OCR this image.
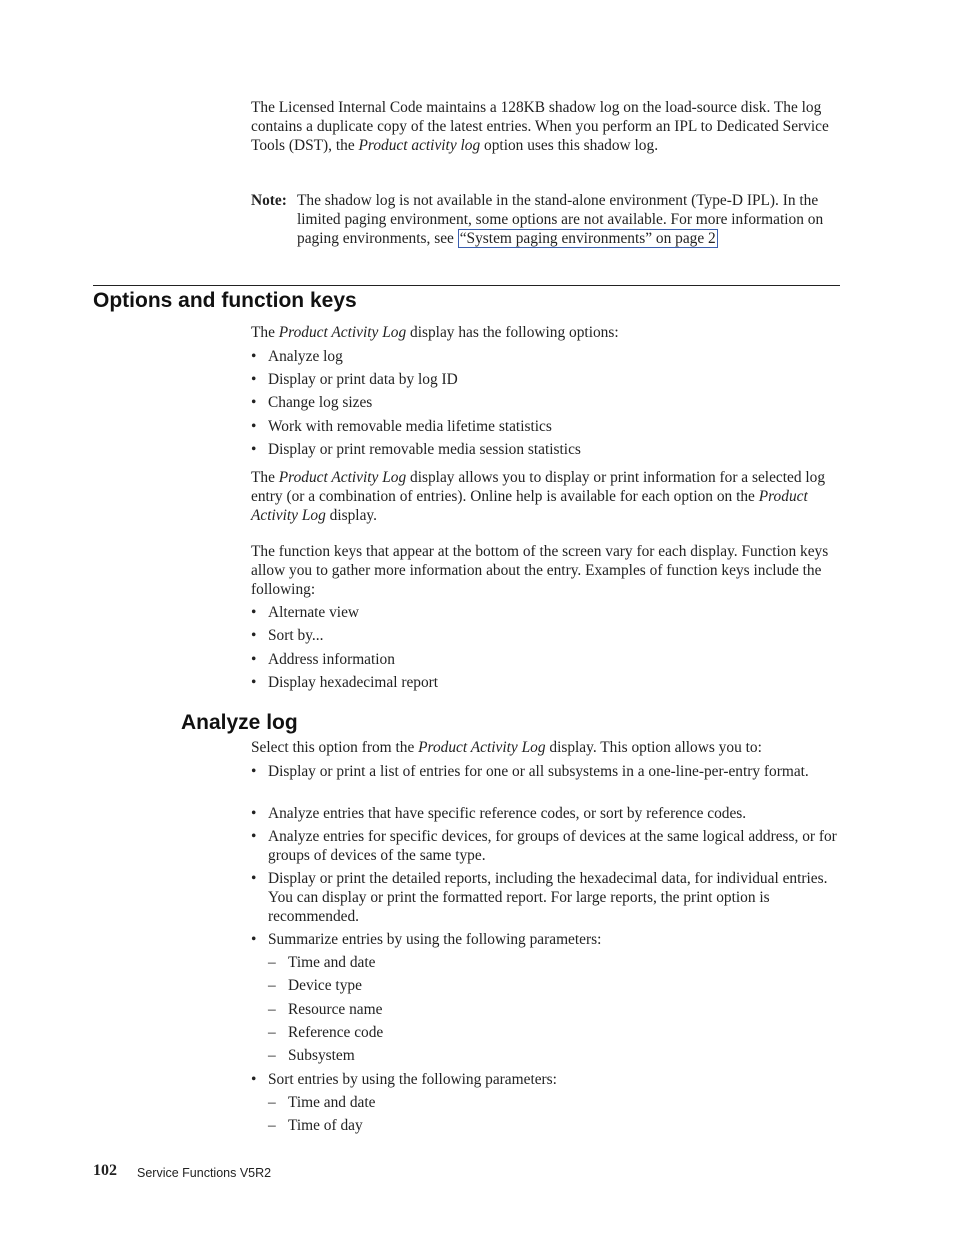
The Licensed Internal Code maintains a 128KB shadow log on the load-source disk. The log contains a duplicate copy of the latest entries. When you perform an IPL to Dedicated Service Tools (DST), the Product activity log option uses this shadow log.

Note: The shadow log is not available in the stand-alone environment (Type-D IPL). In the limited paging environment, some options are not available. For more information on paging environments, see “System paging environments” on page 2
Options and function keys

The Product Activity Log display has the following options:

• Analyze log
• Display or print data by log ID
• Change log sizes
• Work with removable media lifetime statistics
• Display or print removable media session statistics

The Product Activity Log display allows you to display or print information for a selected log entry (or a combination of entries). Online help is available for each option on the Product Activity Log display.

The function keys that appear at the bottom of the screen vary for each display. Function keys allow you to gather more information about the entry. Examples of function keys include the following:

• Alternate view
• Sort by...
• Address information
• Display hexadecimal report
Analyze log

Select this option from the Product Activity Log display. This option allows you to:

• Display or print a list of entries for one or all subsystems in a one-line-per-entry format.
• Analyze entries that have specific reference codes, or sort by reference codes.
• Analyze entries for specific devices, for groups of devices at the same logical address, or for groups of devices of the same type.
• Display or print the detailed reports, including the hexadecimal data, for individual entries. You can display or print the formatted report. For large reports, the print option is recommended.
• Summarize entries by using the following parameters:
– Time and date
– Device type
– Resource name
– Reference code
– Subsystem
• Sort entries by using the following parameters:
– Time and date
– Time of day
102 Service Functions V5R2
